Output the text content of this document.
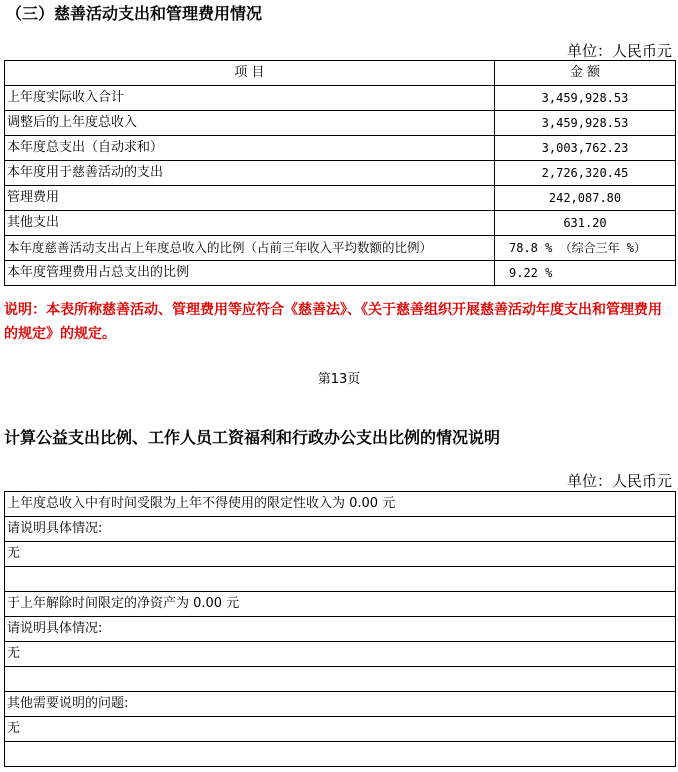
（三）慈善活动支出和管理费用情况
单位：人民币元
项 目	金 额
上年度实际收入合计	3,459,928.53
调整后的上年度总收入	3,459,928.53
本年度总支出（自动求和）	3,003,762.23
本年度用于慈善活动的支出	2,726,320.45
管理费用	242,087.80
其他支出	631.20
本年度慈善活动支出占上年度总收入的比例（占前三年收入平均数额的比例）	78.8 % （综合三年 %）
本年度管理费用占总支出的比例	9.22 %
说明：本表所称慈善活动、管理费用等应符合《慈善法》、《关于慈善组织开展慈善活动年度支出和管理费用的规定》的规定。
第13页
计算公益支出比例、工作人员工资福利和行政办公支出比例的情况说明
单位：人民币元
上年度总收入中有时间受限为上年不得使用的限定性收入为 0.00 元
请说明具体情况:
无

于上年解除时间限定的净资产为 0.00 元
请说明具体情况:
无

其他需要说明的问题:
无
